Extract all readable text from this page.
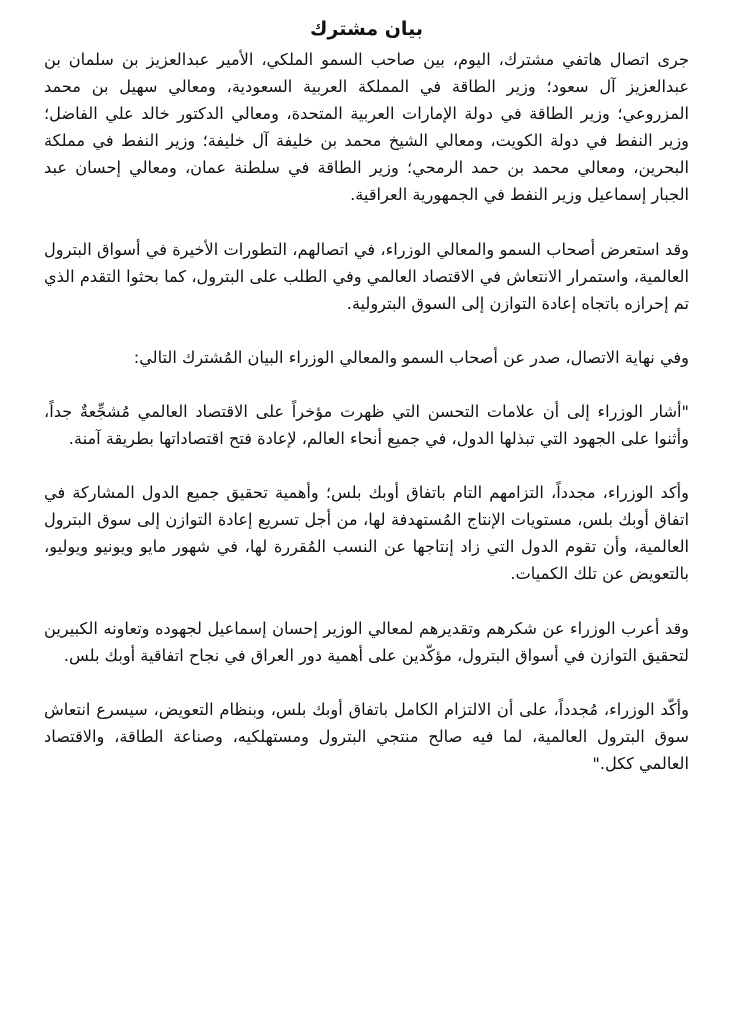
بيان مشترك

جرى اتصال هاتفي مشترك، اليوم، بين صاحب السمو الملكي، الأمير عبدالعزيز بن سلمان بن عبدالعزيز آل سعود؛ وزير الطاقة في المملكة العربية السعودية، ومعالي سهيل بن محمد المزروعي؛ وزير الطاقة في دولة الإمارات العربية المتحدة، ومعالي الدكتور خالد علي الفاضل؛ وزير النفط في دولة الكويت، ومعالي الشيخ محمد بن خليفة آل خليفة؛ وزير النفط في مملكة البحرين، ومعالي محمد بن حمد الرمحي؛ وزير الطاقة في سلطنة عمان، ومعالي إحسان عبد الجبار إسماعيل وزير النفط في الجمهورية العراقية.

وقد استعرض أصحاب السمو والمعالي الوزراء، في اتصالهم، التطورات الأخيرة في أسواق البترول العالمية، واستمرار الانتعاش في الاقتصاد العالمي وفي الطلب على البترول، كما بحثوا التقدم الذي تم إحرازه باتجاه إعادة التوازن إلى السوق البترولية.

وفي نهاية الاتصال، صدر عن أصحاب السمو والمعالي الوزراء البيان المُشترك التالي:

"أشار الوزراء إلى أن علامات التحسن التي ظهرت مؤخراً على الاقتصاد العالمي مُشجِّعةٌ جداً، وأثنوا على الجهود التي تبذلها الدول، في جميع أنحاء العالم، لإعادة فتح اقتصاداتها بطريقة آمنة.

وأكد الوزراء، مجدداً، التزامهم التام باتفاق أوبك بلس؛ وأهمية تحقيق جميع الدول المشاركة في اتفاق أوبك بلس، مستويات الإنتاج المُستهدفة لها، من أجل تسريع إعادة التوازن إلى سوق البترول العالمية، وأن تقوم الدول التي زاد إنتاجها عن النسب المُقررة لها، في شهور مايو ويونيو ويوليو، بالتعويض عن تلك الكميات.

وقد أعرب الوزراء عن شكرهم وتقديرهم لمعالي الوزير إحسان إسماعيل لجهوده وتعاونه الكبيرين لتحقيق التوازن في أسواق البترول، مؤكّدين على أهمية دور العراق في نجاح اتفاقية أوبك بلس.

وأكّد الوزراء، مُجدداً، على أن الالتزام الكامل باتفاق أوبك بلس، وبنظام التعويض، سيسرع انتعاش سوق البترول العالمية، لما فيه صالح منتجي البترول ومستهلكيه، وصناعة الطاقة، والاقتصاد العالمي ككل."
